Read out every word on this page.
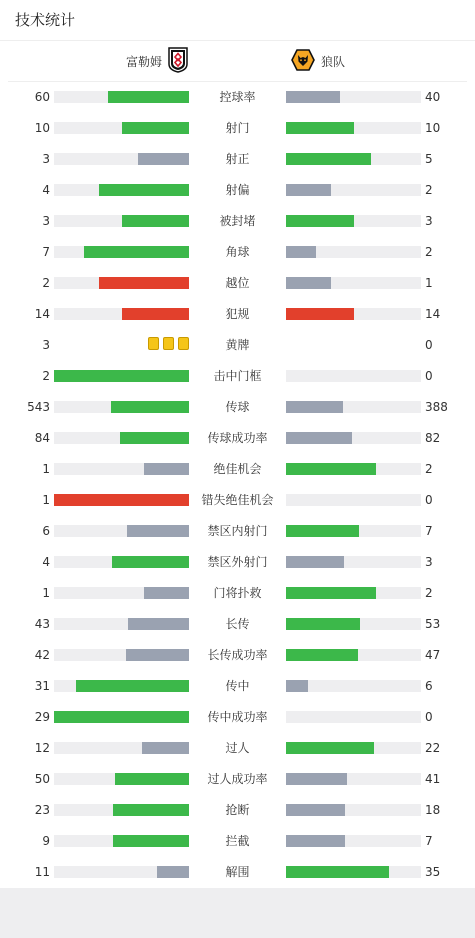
技术统计
富勒姆	狼队
60	控球率	40
10	射门	10
3	射正	5
4	射偏	2
3	被封堵	3
7	角球	2
2	越位	1
14	犯规	14
3	黄牌	0
2	击中门框	0
543	传球	388
84	传球成功率	82
1	绝佳机会	2
1	错失绝佳机会	0
6	禁区内射门	7
4	禁区外射门	3
1	门将扑救	2
43	长传	53
42	长传成功率	47
31	传中	6
29	传中成功率	0
12	过人	22
50	过人成功率	41
23	抢断	18
9	拦截	7
11	解围	35
